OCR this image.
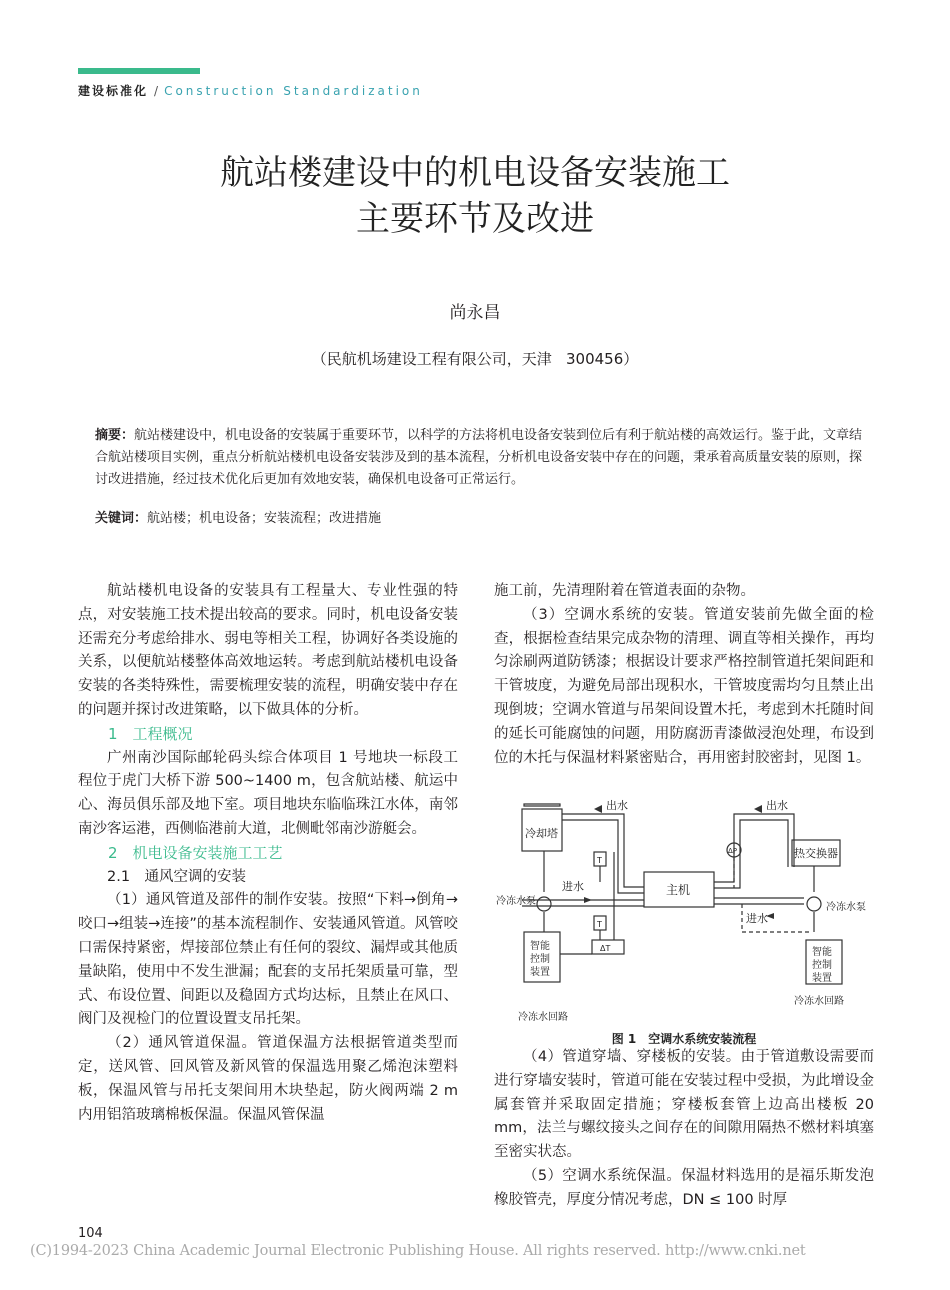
建设标准化 / Construction Standardization
航站楼建设中的机电设备安装施工
主要环节及改进
尚永昌
（民航机场建设工程有限公司，天津   300456）
摘要：航站楼建设中，机电设备的安装属于重要环节，以科学的方法将机电设备安装到位后有利于航站楼的高效运行。鉴于此，文章结合航站楼项目实例，重点分析航站楼机电设备安装涉及到的基本流程，分析机电设备安装中存在的问题，秉承着高质量安装的原则，探讨改进措施，经过技术优化后更加有效地安装，确保机电设备可正常运行。
关键词：航站楼；机电设备；安装流程；改进措施

航站楼机电设备的安装具有工程量大、专业性强的特点，对安装施工技术提出较高的要求。同时，机电设备安装还需充分考虑给排水、弱电等相关工程，协调好各类设施的关系，以便航站楼整体高效地运转。考虑到航站楼机电设备安装的各类特殊性，需要梳理安装的流程，明确安装中存在的问题并探讨改进策略，以下做具体的分析。

1　工程概况

广州南沙国际邮轮码头综合体项目 1 号地块一标段工程位于虎门大桥下游 500~1400 m，包含航站楼、航运中心、海员俱乐部及地下室。项目地块东临临珠江水体，南邻南沙客运港，西侧临港前大道，北侧毗邻南沙游艇会。

2　机电设备安装施工工艺

2.1　通风空调的安装

（1）通风管道及部件的制作安装。按照“下料→倒角→咬口→组装→连接”的基本流程制作、安装通风管道。风管咬口需保持紧密，焊接部位禁止有任何的裂纹、漏焊或其他质量缺陷，使用中不发生泄漏；配套的支吊托架质量可靠，型式、布设位置、间距以及稳固方式均达标，且禁止在风口、阀门及视检门的位置设置支吊托架。

（2）通风管道保温。管道保温方法根据管道类型而定，送风管、回风管及新风管的保温选用聚乙烯泡沫塑料板，保温风管与吊托支架间用木块垫起，防火阀两端 2 m 内用铝箔玻璃棉板保温。保温风管保温

施工前，先清理附着在管道表面的杂物。

（3）空调水系统的安装。管道安装前先做全面的检查，根据检查结果完成杂物的清理、调直等相关操作，再均匀涂刷两道防锈漆；根据设计要求严格控制管道托架间距和干管坡度，为避免局部出现积水，干管坡度需均匀且禁止出现倒坡；空调水管道与吊架间设置木托，考虑到木托随时间的延长可能腐蚀的问题，用防腐沥青漆做浸泡处理，布设到位的木托与保温材料紧密贴合，再用密封胶密封，见图 1。

冷却塔
出水	出水
主机
热交换器
进水
进水
冷冻水泵
冷冻水泵
智能
控制
装置
智能
控制
装置
冷冻水回路
冷冻水回路
T
T
ΔT
ΔP
图 1　空调水系统安装流程

（4）管道穿墙、穿楼板的安装。由于管道敷设需要而进行穿墙安装时，管道可能在安装过程中受损，为此增设金属套管并采取固定措施；穿楼板套管上边高出楼板 20 mm，法兰与螺纹接头之间存在的间隙用隔热不燃材料填塞至密实状态。

（5）空调水系统保温。保温材料选用的是福乐斯发泡橡胶管壳，厚度分情况考虑，DN ≤ 100 时厚

104
(C)1994-2023 China Academic Journal Electronic Publishing House. All rights reserved. http://www.cnki.net
